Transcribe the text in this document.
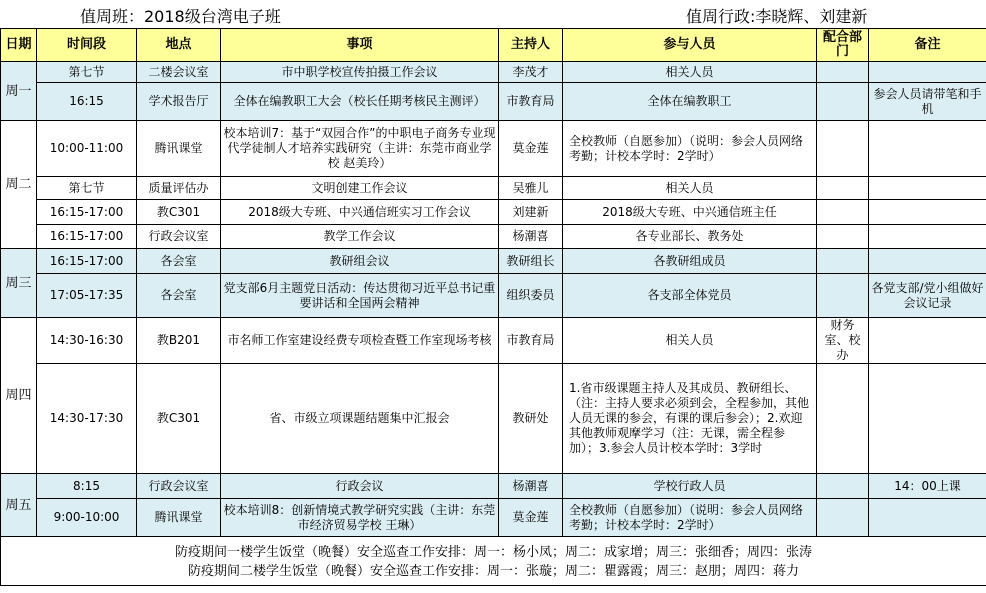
值周班：2018级台湾电子班	值周行政:李晓辉、刘建新
日期	时间段	地点	事项	主持人	参与人员	配合部门	备注
周一	第七节	二楼会议室	市中职学校宣传拍摄工作会议	李茂才	相关人员		
	16:15	学术报告厅	全体在编教职工大会（校长任期考核民主测评）	市教育局	全体在编教职工		参会人员请带笔和手机
周二	10:00-11:00	腾讯课堂	校本培训7：基于“双园合作”的中职电子商务专业现代学徒制人才培养实践研究（主讲：东莞市商业学校 赵美玲）	莫金莲	全校教师（自愿参加）（说明：参会人员网络考勤；计校本学时：2学时）		
	第七节	质量评估办	文明创建工作会议	吴雅儿	相关人员		
	16:15-17:00	教C301	2018级大专班、中兴通信班实习工作会议	刘建新	2018级大专班、中兴通信班主任		
	16:15-17:00	行政会议室	教学工作会议	杨潮喜	各专业部长、教务处		
周三	16:15-17:00	各会室	教研组会议	教研组长	各教研组成员		
	17:05-17:35	各会室	党支部6月主题党日活动：传达贯彻习近平总书记重要讲话和全国两会精神	组织委员	各支部全体党员		各党支部/党小组做好会议记录
周四	14:30-16:30	教B201	市名师工作室建设经费专项检查暨工作室现场考核	市教育局	相关人员	财务室、校办	
	14:30-17:30	教C301	省、市级立项课题结题集中汇报会	教研处	1.省市级课题主持人及其成员、教研组长、（注：主持人要求必须到会，全程参加，其他人员无课的参会，有课的课后参会）；2.欢迎其他教师观摩学习（注：无课，需全程参加）；3.参会人员计校本学时：3学时		
周五	8:15	行政会议室	行政会议	杨潮喜	学校行政人员		14：00上课
	9:00-10:00	腾讯课堂	校本培训8：创新情境式教学研究实践（主讲：东莞市经济贸易学校 王琳）	莫金莲	全校教师（自愿参加）（说明：参会人员网络考勤；计校本学时：2学时）		

防疫期间一楼学生饭堂（晚餐）安全巡查工作安排：周一：杨小凤；周二：成家增；周三：张细香；周四：张涛
防疫期间二楼学生饭堂（晚餐）安全巡查工作安排：周一：张璇；周二：瞿露霞；周三：赵朋；周四：蒋力							
